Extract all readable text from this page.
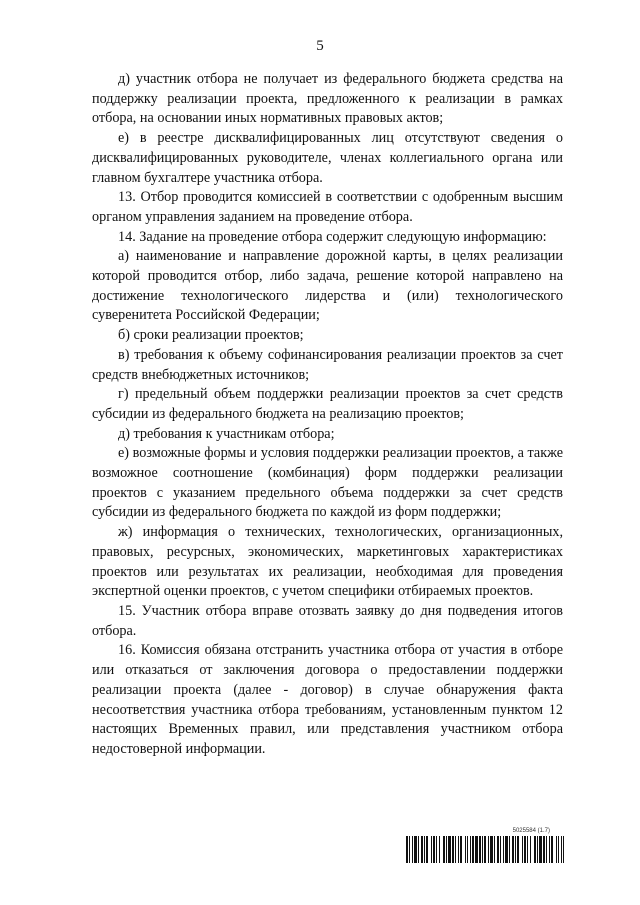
5

д) участник отбора не получает из федерального бюджета средства на поддержку реализации проекта, предложенного к реализации в рамках отбора, на основании иных нормативных правовых актов;

е) в реестре дисквалифицированных лиц отсутствуют сведения о дисквалифицированных руководителе, членах коллегиального органа или главном бухгалтере участника отбора.

13. Отбор проводится комиссией в соответствии с одобренным высшим органом управления заданием на проведение отбора.

14. Задание на проведение отбора содержит следующую информацию:

а) наименование и направление дорожной карты, в целях реализации которой проводится отбор, либо задача, решение которой направлено на достижение технологического лидерства и (или) технологического суверенитета Российской Федерации;

б) сроки реализации проектов;

в) требования к объему софинансирования реализации проектов за счет средств внебюджетных источников;

г) предельный объем поддержки реализации проектов за счет средств субсидии из федерального бюджета на реализацию проектов;

д) требования к участникам отбора;

е) возможные формы и условия поддержки реализации проектов, а также возможное соотношение (комбинация) форм поддержки реализации проектов с указанием предельного объема поддержки за счет средств субсидии из федерального бюджета по каждой из форм поддержки;

ж) информация о технических, технологических, организационных, правовых, ресурсных, экономических, маркетинговых характеристиках проектов или результатах их реализации, необходимая для проведения экспертной оценки проектов, с учетом специфики отбираемых проектов.

15. Участник отбора вправе отозвать заявку до дня подведения итогов отбора.

16. Комиссия обязана отстранить участника отбора от участия в отборе или отказаться от заключения договора о предоставлении поддержки реализации проекта (далее - договор) в случае обнаружения факта несоответствия участника отбора требованиям, установленным пунктом 12 настоящих Временных правил, или представления участником отбора недостоверной информации.

5025584 (1.7)
